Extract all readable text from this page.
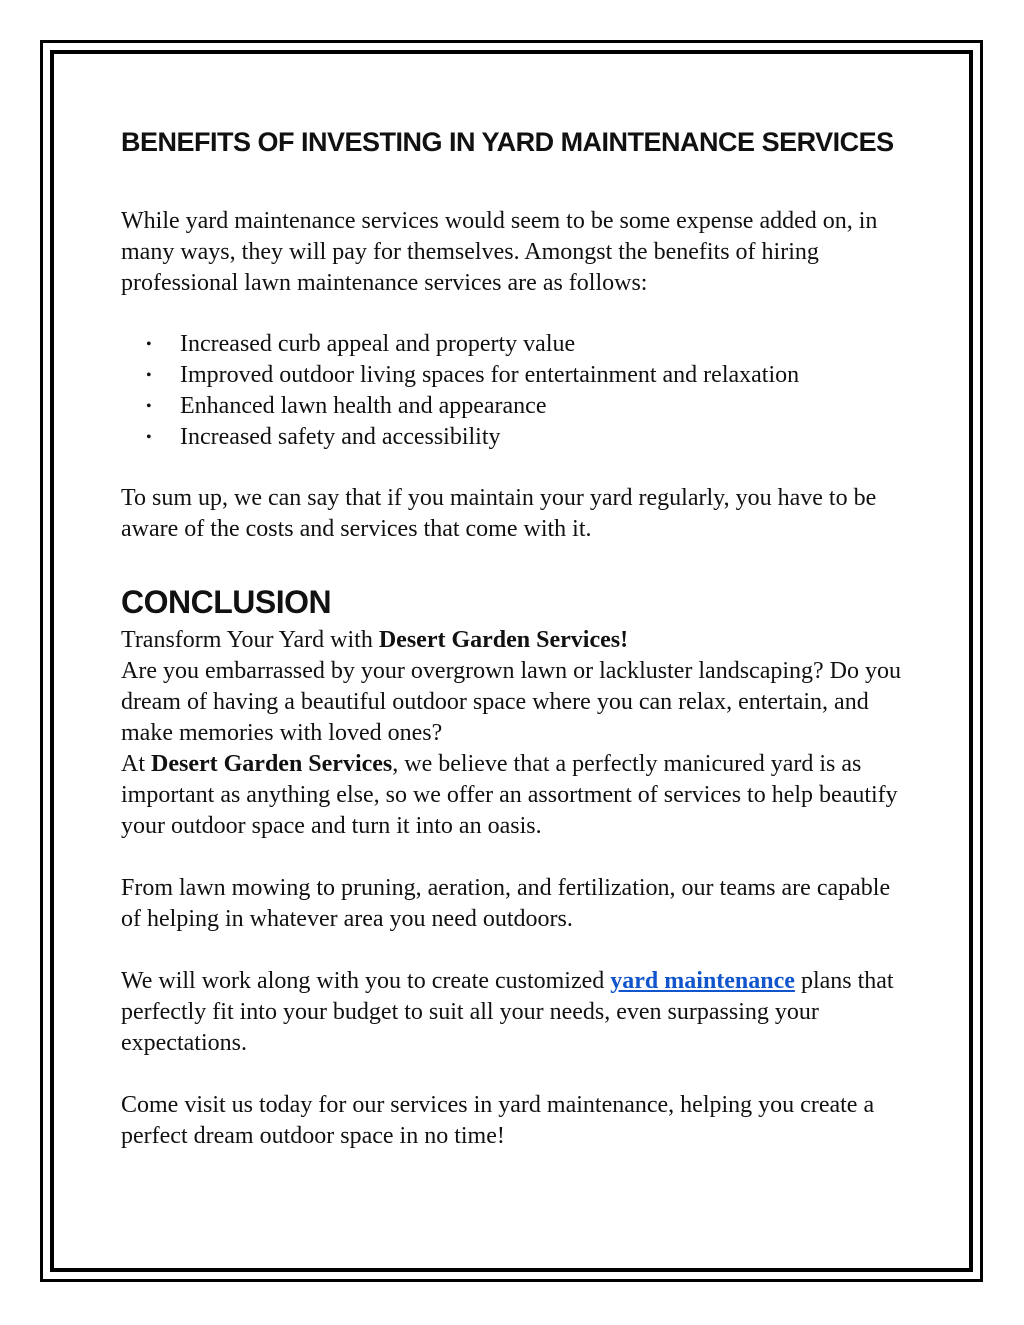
BENEFITS OF INVESTING IN YARD MAINTENANCE SERVICES

While yard maintenance services would seem to be some expense added on, in many ways, they will pay for themselves. Amongst the benefits of hiring professional lawn maintenance services are as follows:

• Increased curb appeal and property value
• Improved outdoor living spaces for entertainment and relaxation
• Enhanced lawn health and appearance
• Increased safety and accessibility

To sum up, we can say that if you maintain your yard regularly, you have to be aware of the costs and services that come with it.

CONCLUSION

Transform Your Yard with Desert Garden Services!

Are you embarrassed by your overgrown lawn or lackluster landscaping? Do you dream of having a beautiful outdoor space where you can relax, entertain, and make memories with loved ones?

At Desert Garden Services, we believe that a perfectly manicured yard is as important as anything else, so we offer an assortment of services to help beautify your outdoor space and turn it into an oasis.

From lawn mowing to pruning, aeration, and fertilization, our teams are capable of helping in whatever area you need outdoors.

We will work along with you to create customized yard maintenance plans that perfectly fit into your budget to suit all your needs, even surpassing your expectations.

Come visit us today for our services in yard maintenance, helping you create a perfect dream outdoor space in no time!
